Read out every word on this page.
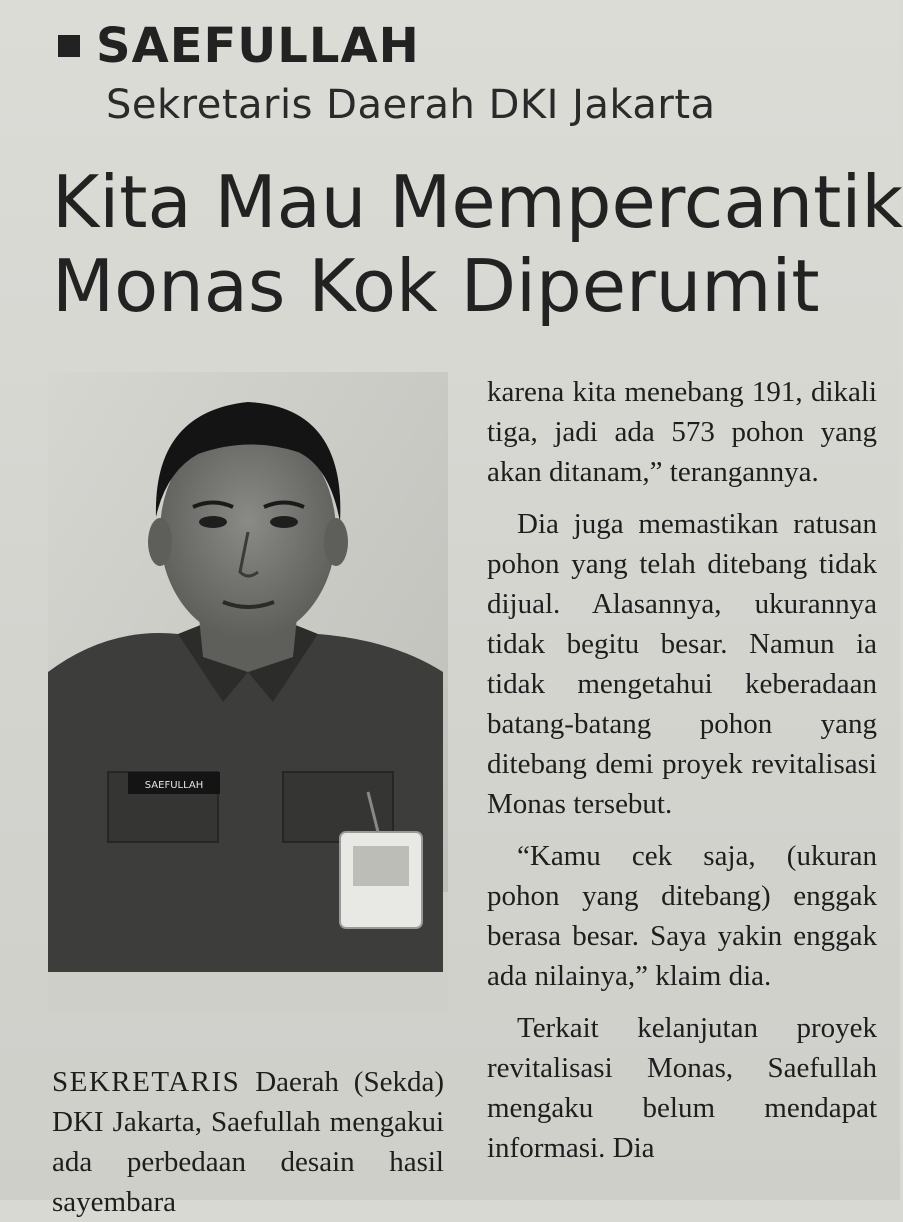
SAEFULLAH
Sekretaris Daerah DKI Jakarta
Kita Mau Mempercantik
Monas Kok Diperumit
SAEFULLAH

karena kita menebang 191, dikali tiga, jadi ada 573 pohon yang akan ditanam,” terangannya.

Dia juga memastikan ratusan pohon yang telah ditebang tidak dijual. Alasannya, ukurannya tidak begitu besar. Namun ia tidak mengetahui keberadaan batang-batang pohon yang ditebang demi proyek revitalisasi Monas tersebut.

“Kamu cek saja, (ukuran pohon yang ditebang) enggak berasa besar. Saya yakin enggak ada nilainya,” klaim dia.

Terkait kelanjutan proyek revitalisasi Monas, Saefullah mengaku belum mendapat informasi. Dia

SEKRETARIS Daerah (Sekda) DKI Jakarta, Saefullah mengakui ada perbedaan desain hasil sayembara
